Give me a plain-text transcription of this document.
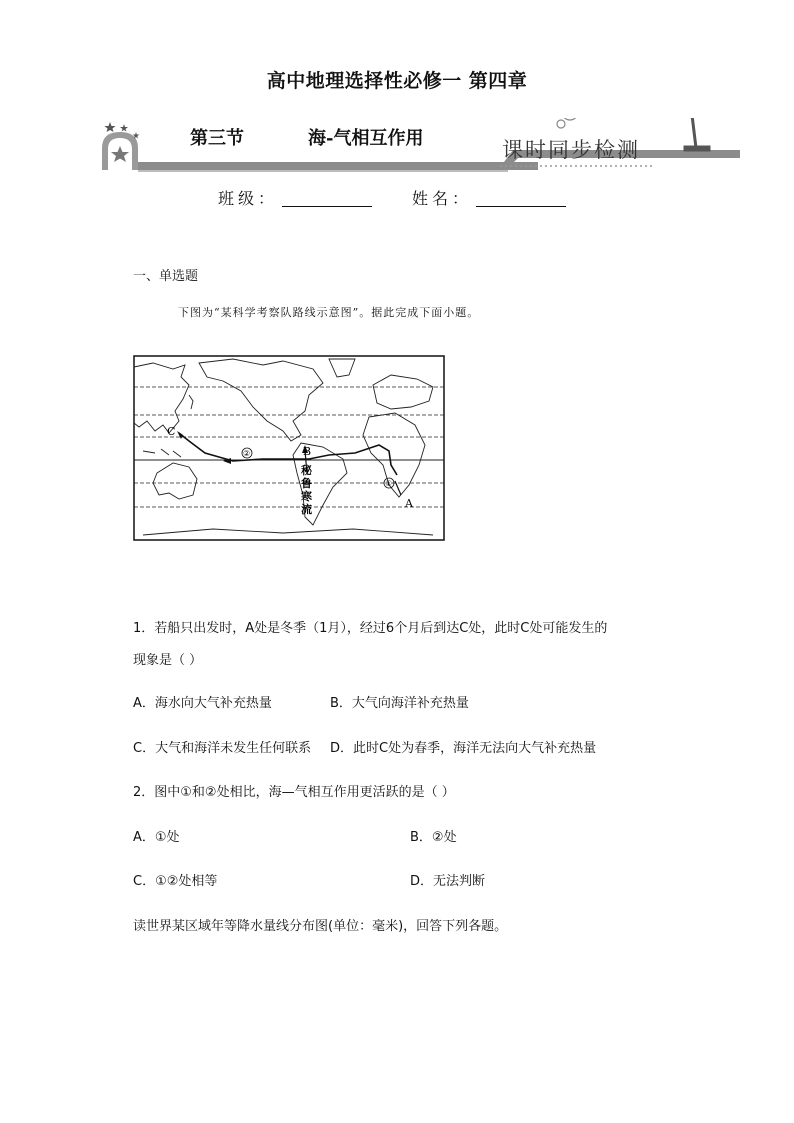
高中地理选择性必修一 第四章
第三节	海-气相互作用	课时同步检测
班级：	姓名：
一、单选题
下图为“某科学考察队路线示意图”。据此完成下面小题。
②
①
C
B
A
秘
鲁
寒
流
1．若船只出发时，A处是冬季（1月），经过6个月后到达C处，此时C处可能发生的
现象是（ ）
A．海水向大气补充热量	B．大气向海洋补充热量
C．大气和海洋未发生任何联系 D．此时C处为春季，海洋无法向大气补充热量
2．图中①和②处相比，海—气相互作用更活跃的是（ ）
A．①处	B．②处
C．①②处相等	D．无法判断
读世界某区域年等降水量线分布图(单位：毫米)，回答下列各题。
